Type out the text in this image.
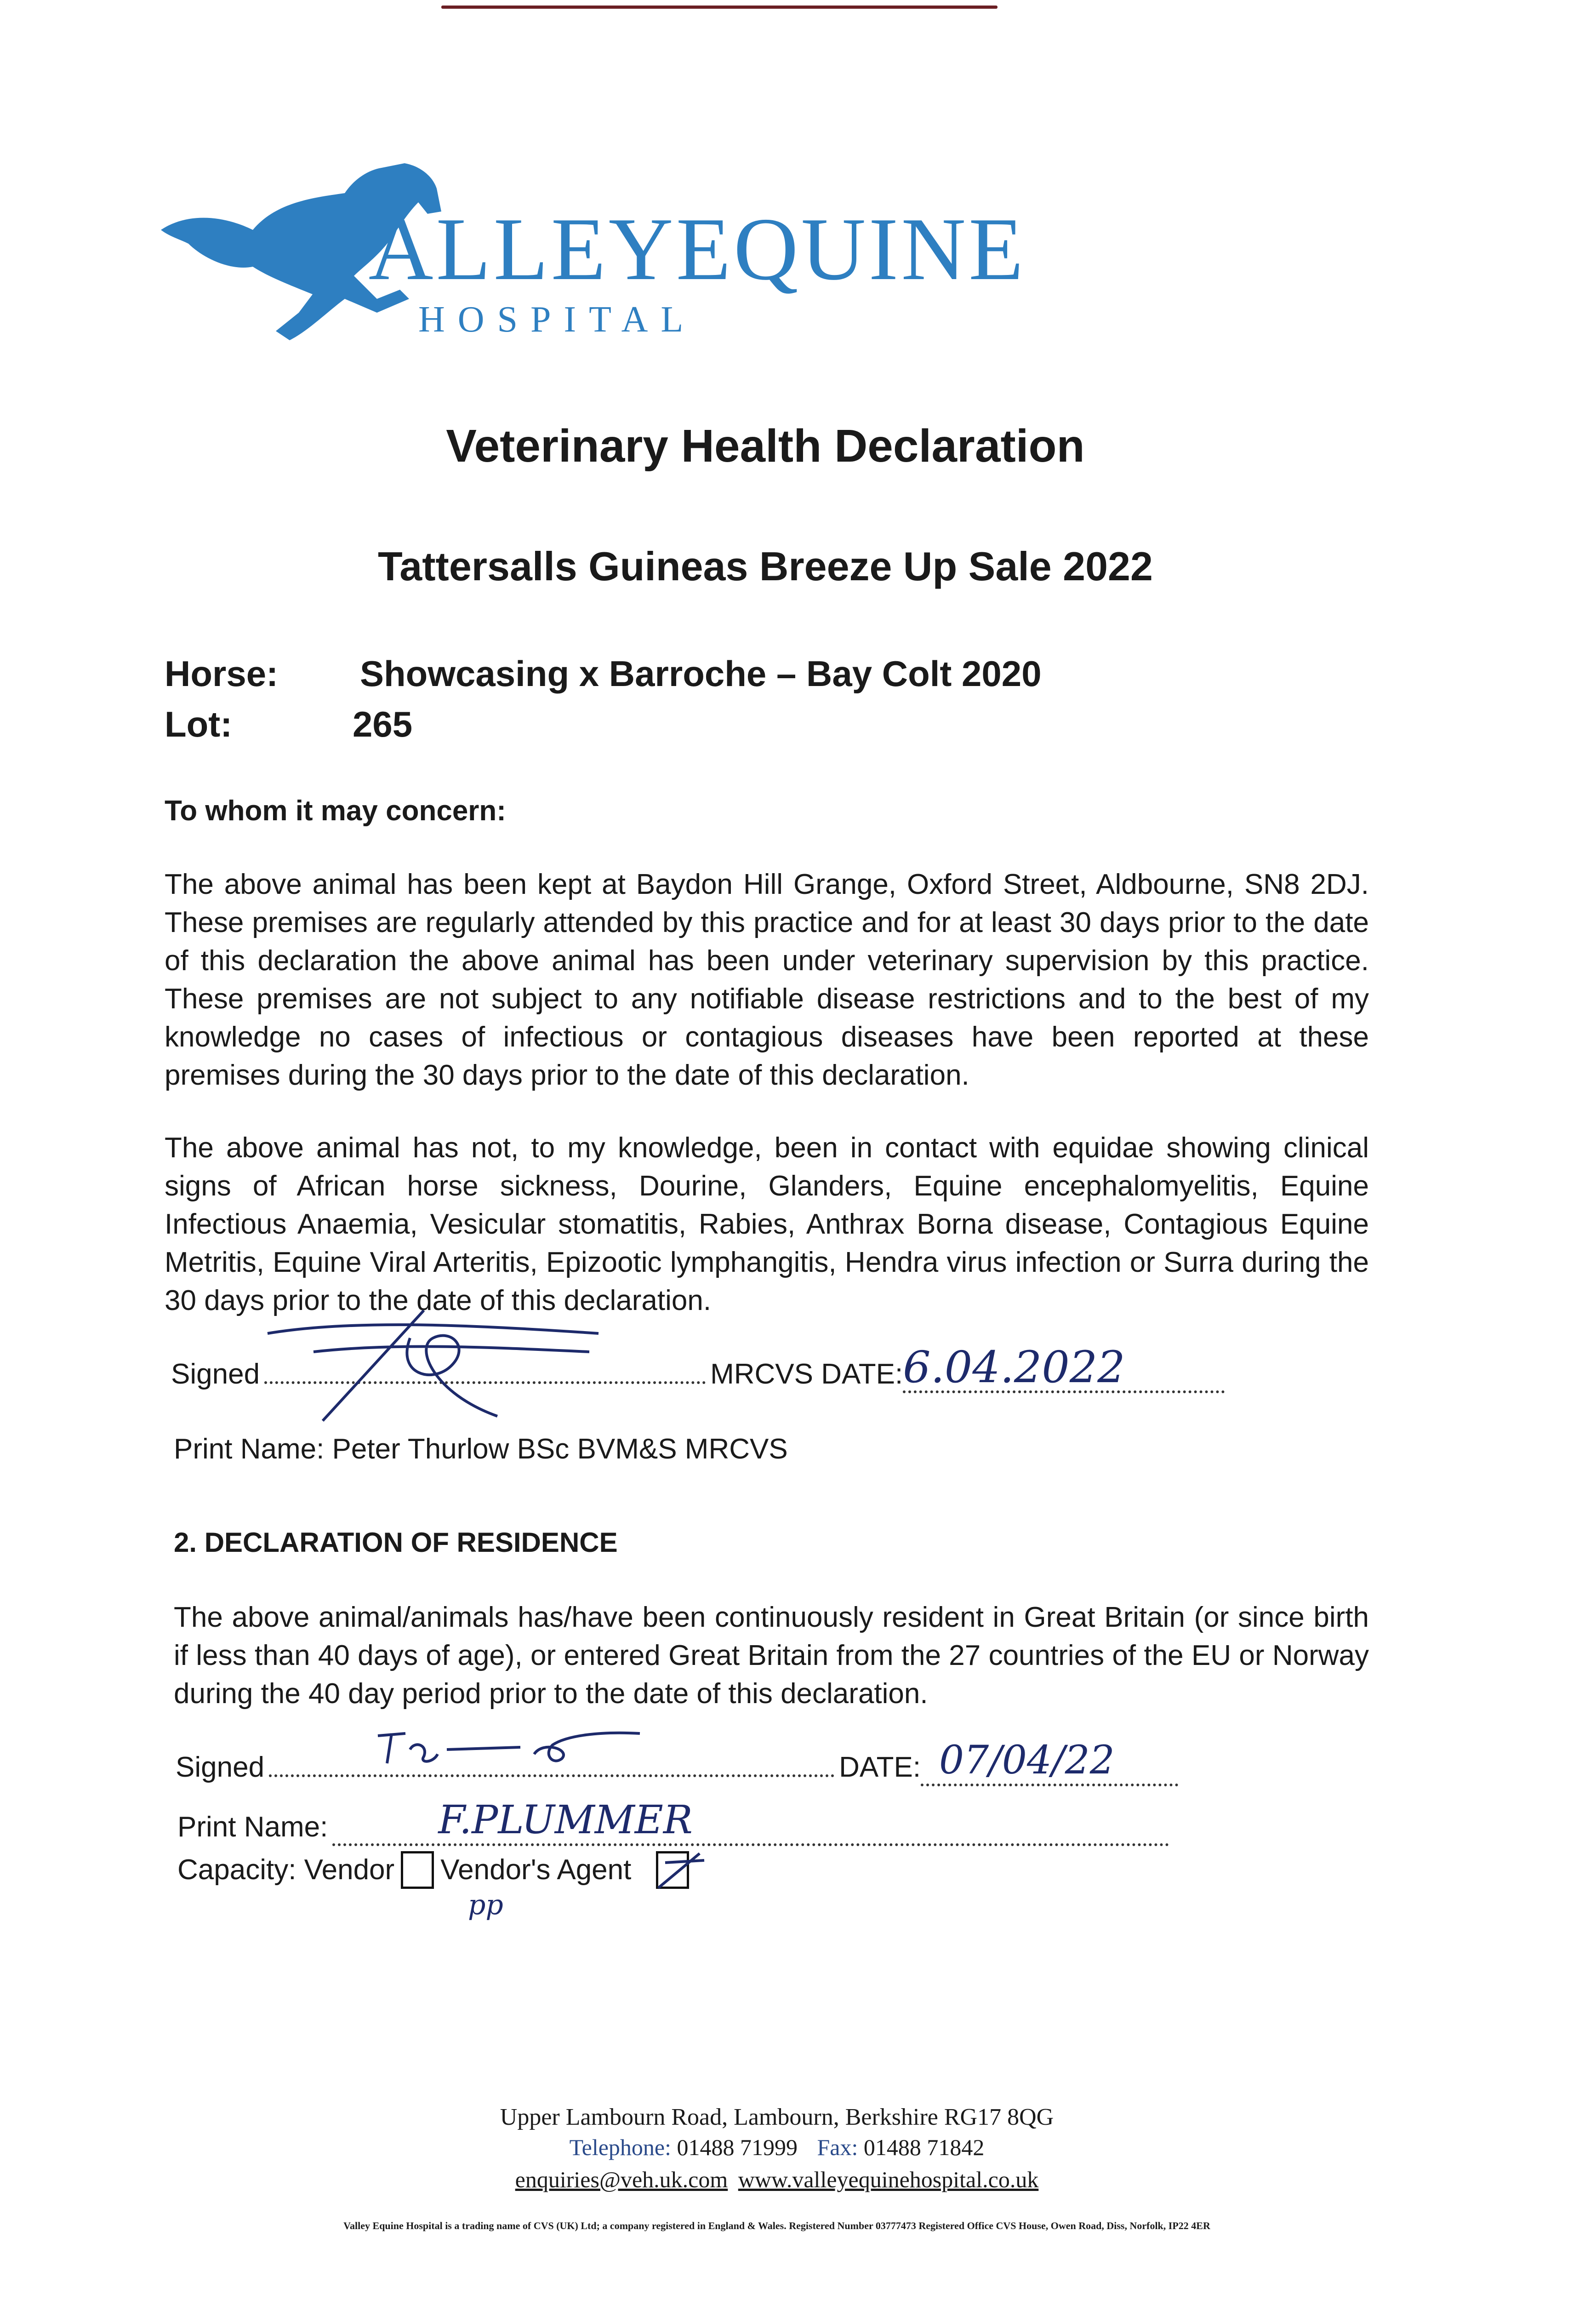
VALLEYEQUINE
HOSPITAL
Veterinary Health Declaration
Tattersalls Guineas Breeze Up Sale 2022
Horse: Showcasing x Barroche – Bay Colt 2020
Lot:	265
To whom it may concern:
The above animal has been kept at Baydon Hill Grange, Oxford Street, Aldbourne, SN8 2DJ. These premises are regularly attended by this practice and for at least 30 days prior to the date of this declaration the above animal has been under veterinary supervision by this practice. These premises are not subject to any notifiable disease restrictions and to the best of my knowledge no cases of infectious or contagious diseases have been reported at these premises during the 30 days prior to the date of this declaration.
The above animal has not, to my knowledge, been in contact with equidae showing clinical signs of African horse sickness, Dourine, Glanders, Equine encephalomyelitis, Equine Infectious Anaemia, Vesicular stomatitis, Rabies, Anthrax Borna disease, Contagious Equine Metritis, Equine Viral Arteritis, Epizootic lymphangitis, Hendra virus infection or Surra during the 30 days prior to the date of this declaration.
Signed	MRCVS DATE: 6.04.2022
Print Name: Peter Thurlow BSc BVM&S MRCVS
2. DECLARATION OF RESIDENCE
The above animal/animals has/have been continuously resident in Great Britain (or since birth if less than 40 days of age), or entered Great Britain from the 27 countries of the EU or Norway during the 40 day period prior to the date of this declaration.
Signed	DATE: 07/04/22
Print Name:	F.PLUMMER
Capacity: Vendor Vendor's Agent
pp
Upper Lambourn Road, Lambourn, Berkshire RG17 8QG
Telephone: 01488 71999 Fax: 01488 71842
enquiries@veh.uk.com www.valleyequinehospital.co.uk
Valley Equine Hospital is a trading name of CVS (UK) Ltd; a company registered in England & Wales. Registered Number 03777473 Registered Office CVS House, Owen Road, Diss, Norfolk, IP22 4ER
